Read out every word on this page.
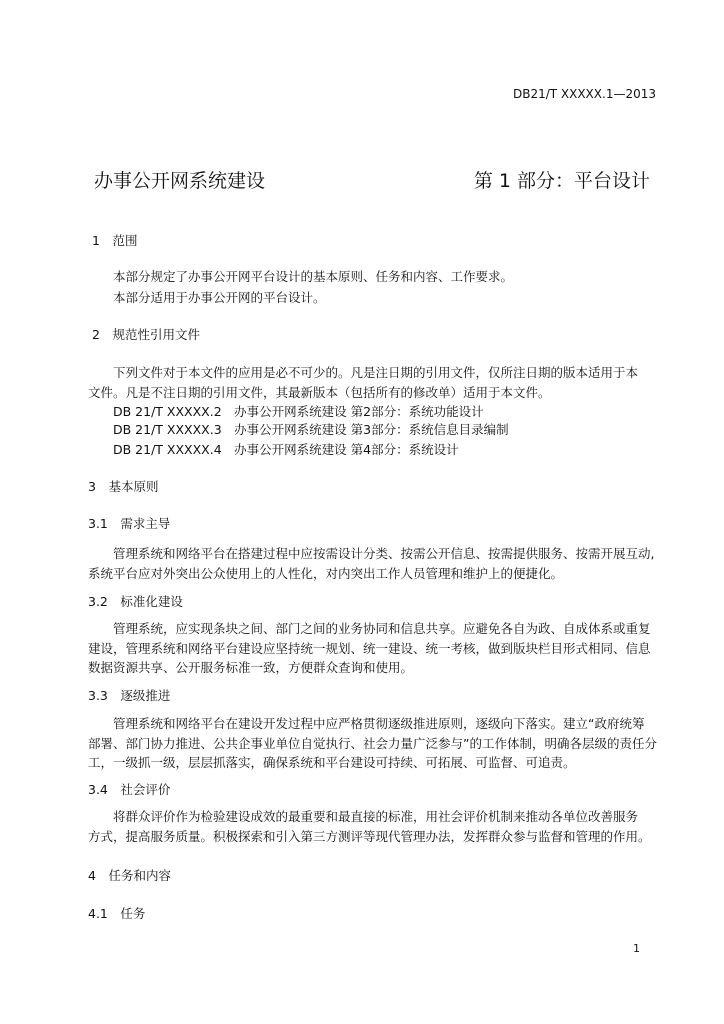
DB21/T XXXXX.1—2013
办事公开网系统建设	第 1 部分：平台设计
1　范围
本部分规定了办事公开网平台设计的基本原则、任务和内容、工作要求。
本部分适用于办事公开网的平台设计。
2　规范性引用文件
下列文件对于本文件的应用是必不可少的。凡是注日期的引用文件，仅所注日期的版本适用于本
文件。凡是不注日期的引用文件，其最新版本（包括所有的修改单）适用于本文件。
DB 21/T XXXXX.2　办事公开网系统建设 第2部分：系统功能设计
DB 21/T XXXXX.3　办事公开网系统建设 第3部分：系统信息目录编制
DB 21/T XXXXX.4　办事公开网系统建设 第4部分：系统设计
3　基本原则
3.1　需求主导
管理系统和网络平台在搭建过程中应按需设计分类、按需公开信息、按需提供服务、按需开展互动,
系统平台应对外突出公众使用上的人性化，对内突出工作人员管理和维护上的便捷化。
3.2　标准化建设
管理系统，应实现条块之间、部门之间的业务协同和信息共享。应避免各自为政、自成体系或重复
建设，管理系统和网络平台建设应坚持统一规划、统一建设、统一考核，做到版块栏目形式相同、信息
数据资源共享、公开服务标准一致，方便群众查询和使用。
3.3　逐级推进
管理系统和网络平台在建设开发过程中应严格贯彻逐级推进原则，逐级向下落实。建立“政府统筹
部署、部门协力推进、公共企事业单位自觉执行、社会力量广泛参与”的工作体制，明确各层级的责任分
工，一级抓一级，层层抓落实，确保系统和平台建设可持续、可拓展、可监督、可追责。
3.4　社会评价
将群众评价作为检验建设成效的最重要和最直接的标准，用社会评价机制来推动各单位改善服务
方式，提高服务质量。积极探索和引入第三方测评等现代管理办法，发挥群众参与监督和管理的作用。
4　任务和内容
4.1　任务
1
